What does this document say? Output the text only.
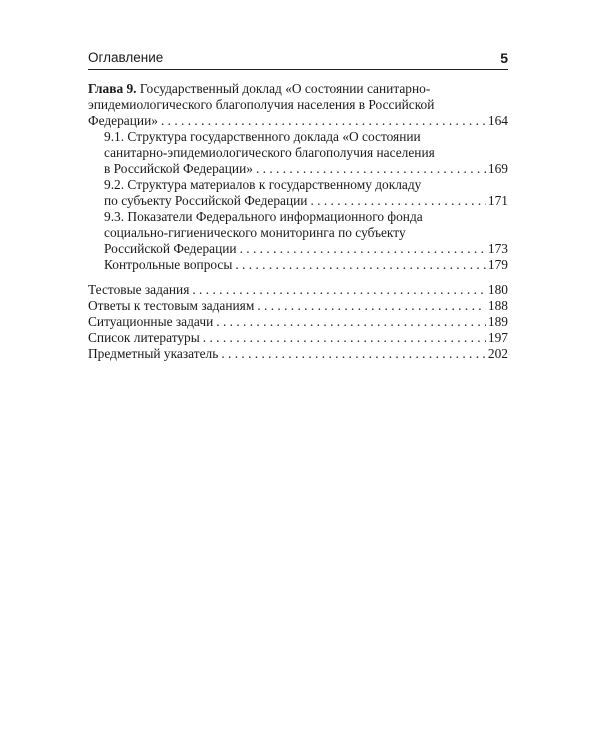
Оглавление	5
Глава 9. Государственный доклад «О состоянии санитарно-
эпидемиологического благополучия населения в Российской
Федерации» . . .	164
9.1. Структура государственного доклада «О состоянии
санитарно-эпидемиологического благополучия населения
в Российской Федерации» . . .	169
9.2. Структура материалов к государственному докладу
по субъекту Российской Федерации . . .	171
9.3. Показатели Федерального информационного фонда
социально-гигиенического мониторинга по субъекту
Российской Федерации . . .	173
Контрольные вопросы . . .	179
Тестовые задания . . .	180
Ответы к тестовым заданиям . . .	188
Ситуационные задачи . . .	189
Список литературы . . .	197
Предметный указатель . . .	202
